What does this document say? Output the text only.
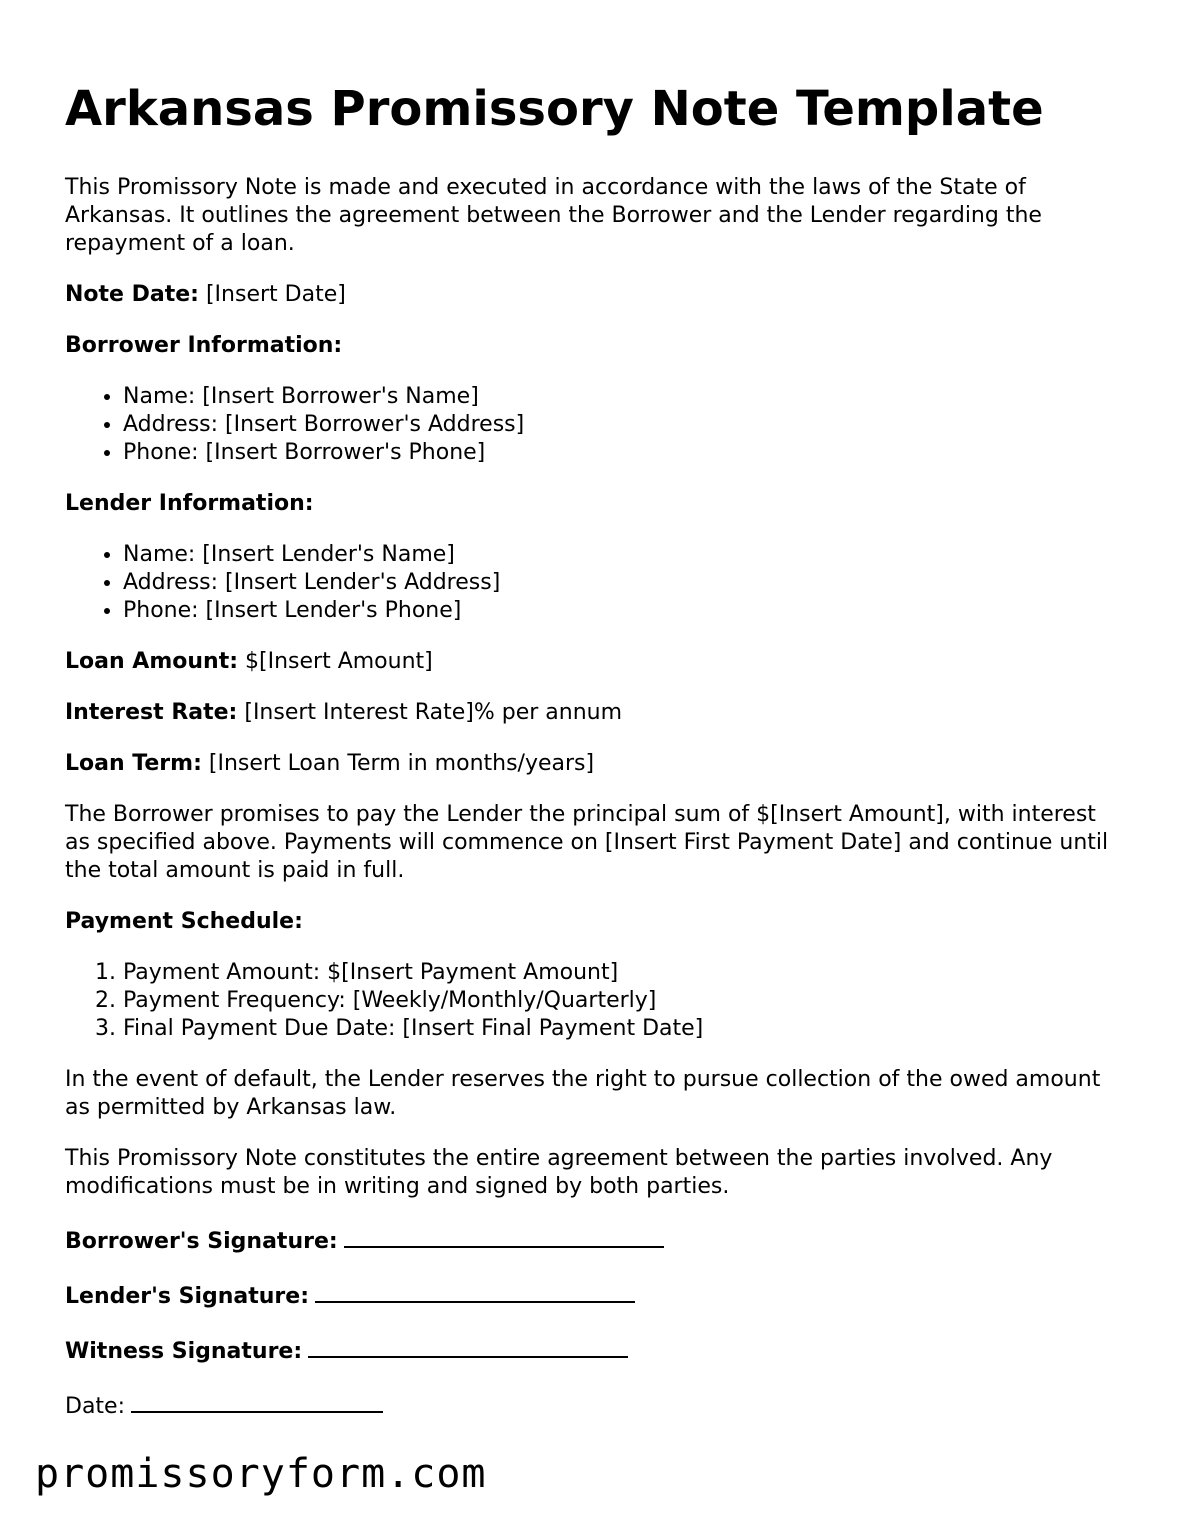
Arkansas Promissory Note Template

This Promissory Note is made and executed in accordance with the laws of the State of Arkansas. It outlines the agreement between the Borrower and the Lender regarding the repayment of a loan.

Note Date: [Insert Date]

Borrower Information:

• Name: [Insert Borrower's Name]
• Address: [Insert Borrower's Address]
• Phone: [Insert Borrower's Phone]

Lender Information:

• Name: [Insert Lender's Name]
• Address: [Insert Lender's Address]
• Phone: [Insert Lender's Phone]

Loan Amount: $[Insert Amount]

Interest Rate: [Insert Interest Rate]% per annum

Loan Term: [Insert Loan Term in months/years]

The Borrower promises to pay the Lender the principal sum of $[Insert Amount], with interest as specified above. Payments will commence on [Insert First Payment Date] and continue until the total amount is paid in full.

Payment Schedule:

1. Payment Amount: $[Insert Payment Amount]
2. Payment Frequency: [Weekly/Monthly/Quarterly]
3. Final Payment Due Date: [Insert Final Payment Date]

In the event of default, the Lender reserves the right to pursue collection of the owed amount as permitted by Arkansas law.

This Promissory Note constitutes the entire agreement between the parties involved. Any modifications must be in writing and signed by both parties.

Borrower's Signature:

Lender's Signature:

Witness Signature:

Date:

promissoryform.com
